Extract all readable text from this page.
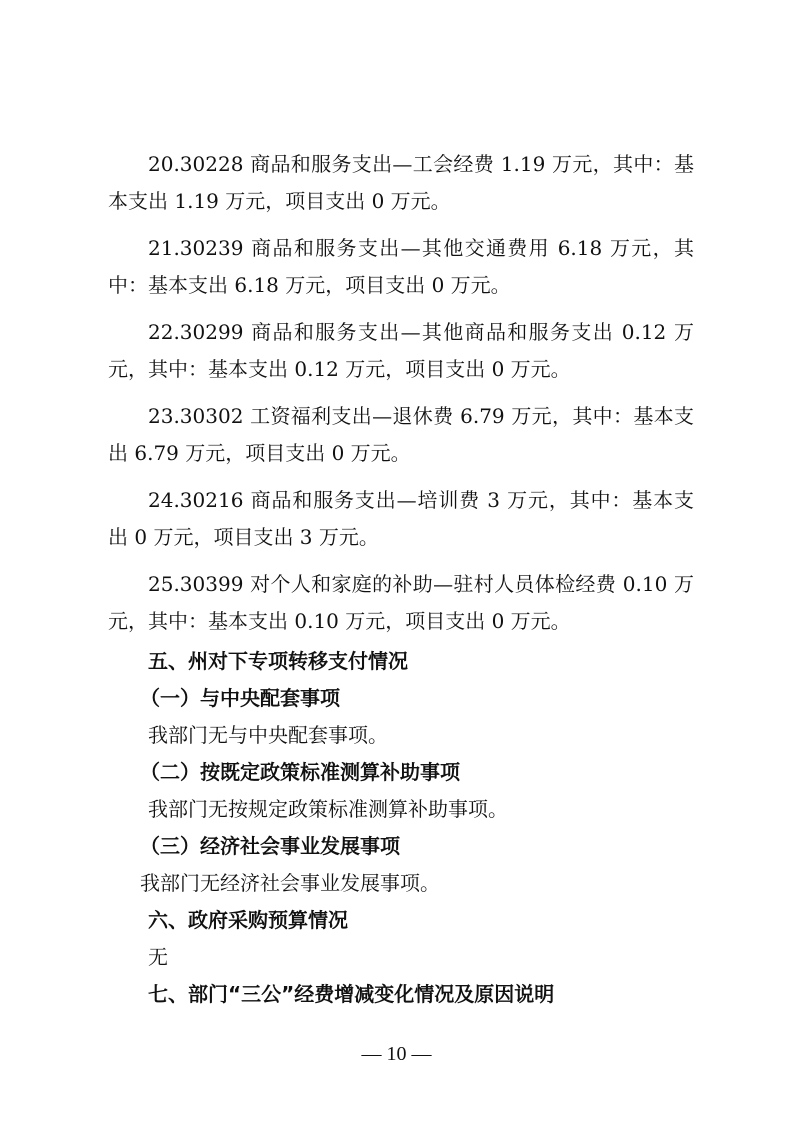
20.30228 商品和服务支出—工会经费 1.19 万元，其中：基本支出 1.19 万元，项目支出 0 万元。

21.30239 商品和服务支出—其他交通费用 6.18 万元，其中：基本支出 6.18 万元，项目支出 0 万元。

22.30299 商品和服务支出—其他商品和服务支出 0.12 万元，其中：基本支出 0.12 万元，项目支出 0 万元。

23.30302 工资福利支出—退休费 6.79 万元，其中：基本支出 6.79 万元，项目支出 0 万元。

24.30216 商品和服务支出—培训费 3 万元，其中：基本支出 0 万元，项目支出 3 万元。

25.30399 对个人和家庭的补助—驻村人员体检经费 0.10 万元，其中：基本支出 0.10 万元，项目支出 0 万元。

五、州对下专项转移支付情况
（一）与中央配套事项
我部门无与中央配套事项。
（二）按既定政策标准测算补助事项
我部门无按规定政策标准测算补助事项。
（三）经济社会事业发展事项
我部门无经济社会事业发展事项。
六、政府采购预算情况
无
七、部门“三公”经费增减变化情况及原因说明
— 10 —
